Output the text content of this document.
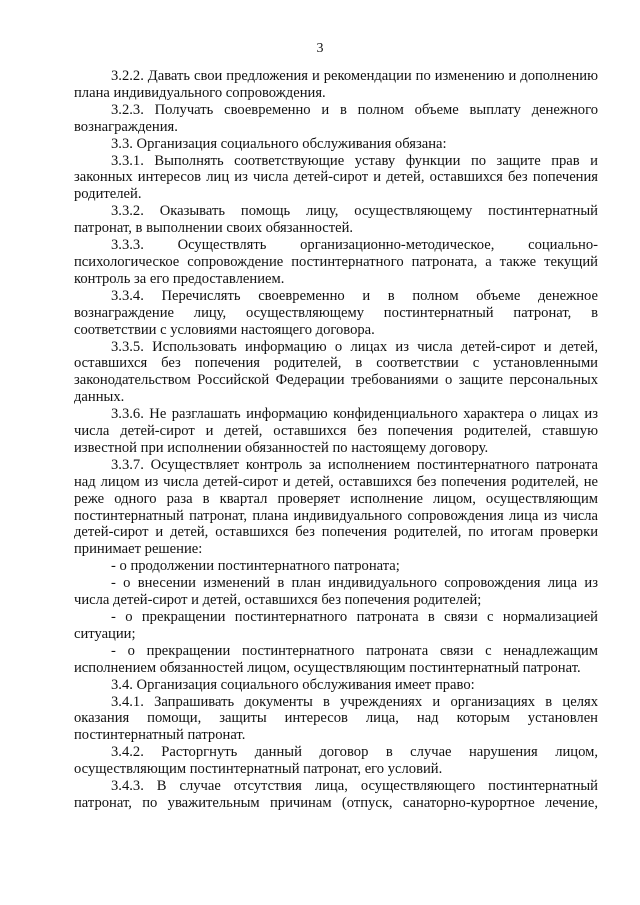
3

3.2.2. Давать свои предложения и рекомендации по изменению и дополнению плана индивидуального сопровождения.

3.2.3. Получать своевременно и в полном объеме выплату денежного вознаграждения.

3.3. Организация социального обслуживания обязана:

3.3.1. Выполнять соответствующие уставу функции по защите прав и законных интересов лиц из числа детей-сирот и детей, оставшихся без попечения родителей.

3.3.2. Оказывать помощь лицу, осуществляющему постинтернатный патронат, в выполнении своих обязанностей.

3.3.3. Осуществлять организационно-методическое, социально-психологическое сопровождение постинтернатного патроната, а также текущий контроль за его предоставлением.

3.3.4. Перечислять своевременно и в полном объеме денежное вознаграждение лицу, осуществляющему постинтернатный патронат, в соответствии с условиями настоящего договора.

3.3.5. Использовать информацию о лицах из числа детей-сирот и детей, оставшихся без попечения родителей, в соответствии с установленными законодательством Российской Федерации требованиями о защите персональных данных.

3.3.6. Не разглашать информацию конфиденциального характера о лицах из числа детей-сирот и детей, оставшихся без попечения родителей, ставшую известной при исполнении обязанностей по настоящему договору.

3.3.7. Осуществляет контроль за исполнением постинтернатного патроната над лицом из числа детей-сирот и детей, оставшихся без попечения родителей, не реже одного раза в квартал проверяет исполнение лицом, осуществляющим постинтернатный патронат, плана индивидуального сопровождения лица из числа детей-сирот и детей, оставшихся без попечения родителей, по итогам проверки принимает решение:

- о продолжении постинтернатного патроната;

- о внесении изменений в план индивидуального сопровождения лица из числа детей-сирот и детей, оставшихся без попечения родителей;

- о прекращении постинтернатного патроната в связи с нормализацией ситуации;

- о прекращении постинтернатного патроната связи с ненадлежащим исполнением обязанностей лицом, осуществляющим постинтернатный патронат.

3.4. Организация социального обслуживания имеет право:

3.4.1. Запрашивать документы в учреждениях и организациях в целях оказания помощи, защиты интересов лица, над которым установлен постинтернатный патронат.

3.4.2. Расторгнуть данный договор в случае нарушения лицом, осуществляющим постинтернатный патронат, его условий.

3.4.3. В случае отсутствия лица, осуществляющего постинтернатный патронат, по уважительным причинам (отпуск, санаторно-курортное лечение,
